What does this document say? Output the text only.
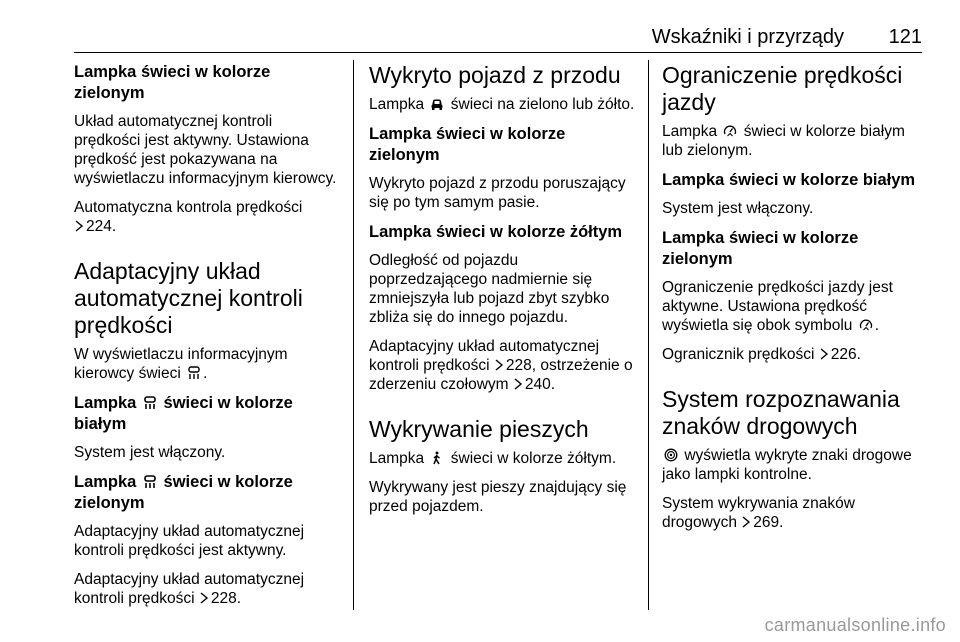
Wskaźniki i przyrządy 121
Lampka świeci w kolorze zielonym
Układ automatycznej kontroli prędkości jest aktywny. Ustawiona prędkość jest pokazywana na wyświetlaczu informacyjnym kierowcy.
Automatyczna kontrola prędkości
224.
Adaptacyjny układ automatycznej kontroli prędkości
W wyświetlaczu informacyjnym kierowcy świeci .
Lampka świeci w kolorze białym
System jest włączony.
Lampka świeci w kolorze zielonym
Adaptacyjny układ automatycznej kontroli prędkości jest aktywny.
Adaptacyjny układ automatycznej kontroli prędkości 228.
Wykryto pojazd z przodu
Lampka świeci na zielono lub żółto.
Lampka świeci w kolorze zielonym
Wykryto pojazd z przodu poruszający się po tym samym pasie.
Lampka świeci w kolorze żółtym
Odległość od pojazdu poprzedzającego nadmiernie się zmniejszyła lub pojazd zbyt szybko zbliża się do innego pojazdu.
Adaptacyjny układ automatycznej kontroli prędkości 228, ostrzeżenie o zderzeniu czołowym 240.
Wykrywanie pieszych
Lampka świeci w kolorze żółtym.
Wykrywany jest pieszy znajdujący się przed pojazdem.
Ograniczenie prędkości jazdy
Lampka świeci w kolorze białym lub zielonym.
Lampka świeci w kolorze białym
System jest włączony.
Lampka świeci w kolorze zielonym
Ograniczenie prędkości jazdy jest aktywne. Ustawiona prędkość wyświetla się obok symbolu .
Ogranicznik prędkości 226.
System rozpoznawania znaków drogowych
wyświetla wykryte znaki drogowe jako lampki kontrolne.
System wykrywania znaków drogowych 269.
carmanualsonline.info
